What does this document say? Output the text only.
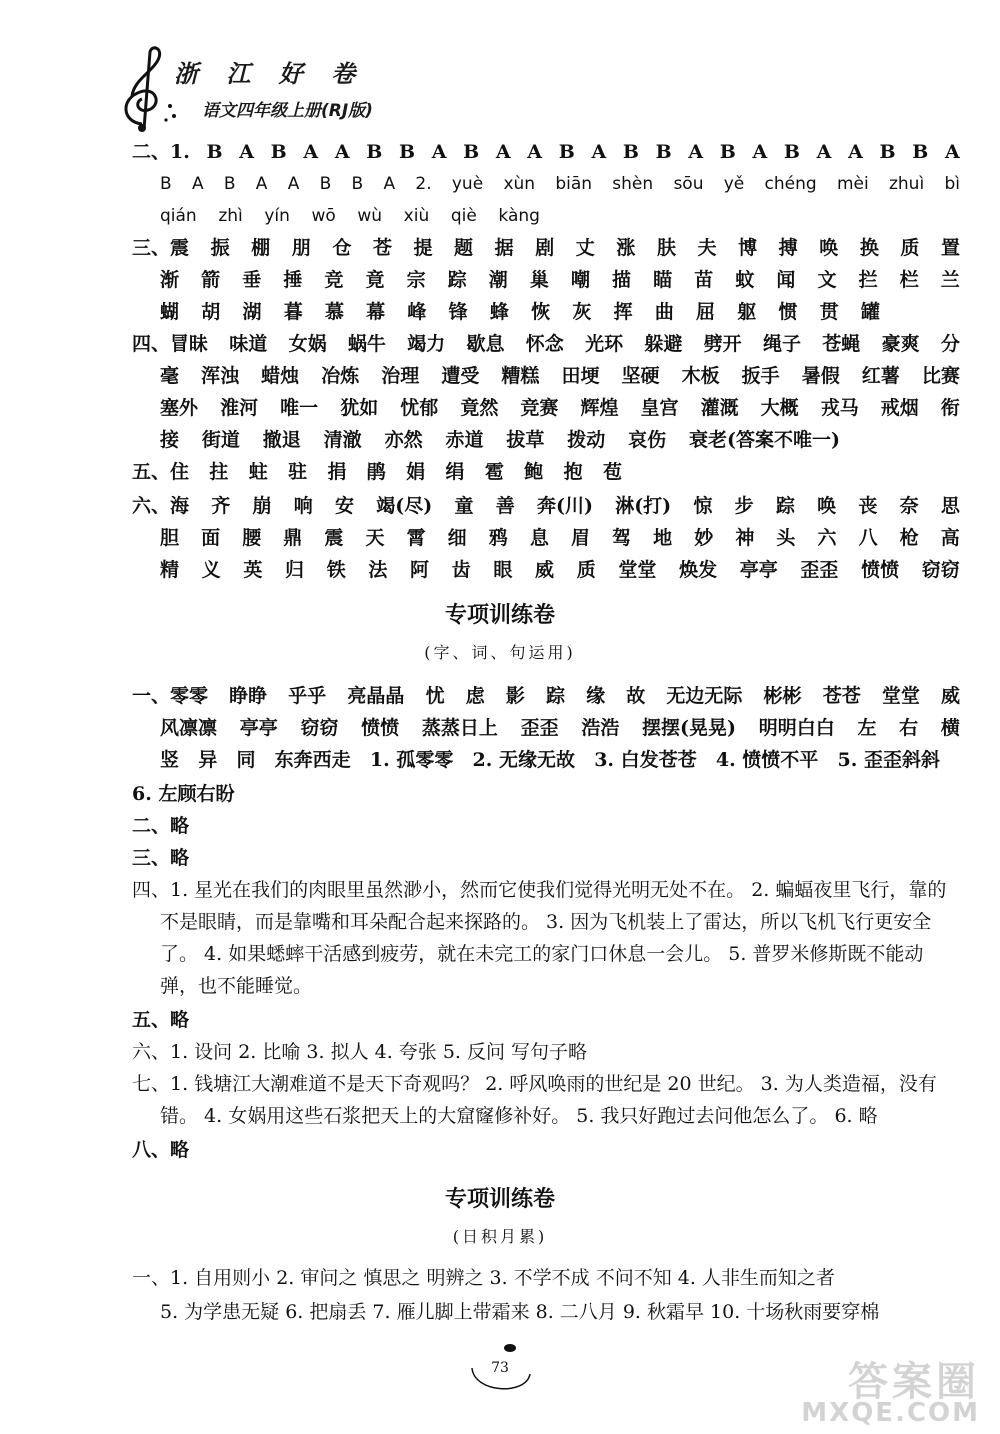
浙 江 好 卷
语文四年级上册(RJ版)
二、1. B A B A A B B A B A A B A B B A B A B A A B B A
B A B A A B B A 2. yuè xùn biān shèn sōu yě chéng mèi zhuì bì
qián zhì yín wō wù xiù qiè kàng
三、震 振 棚 朋 仓 苍 提 题 据 剧 丈 涨 肤 夫 博 搏 唤 换 质 置
渐 箭 垂 捶 竞 竟 宗 踪 潮 巢 嘲 描 瞄 苗 蚊 闻 文 拦 栏 兰
蝴 胡 湖 暮 慕 幕 峰 锋 蜂 恢 灰 挥 曲 屈 躯 惯 贯 罐
四、冒昧 味道 女娲 蜗牛 竭力 歇息 怀念 光环 躲避 劈开 绳子 苍蝇 豪爽 分
毫 浑浊 蜡烛 冶炼 治理 遭受 糟糕 田埂 坚硬 木板 扳手 暑假 红薯 比赛
塞外 淮河 唯一 犹如 忧郁 竟然 竞赛 辉煌 皇宫 灌溉 大概 戎马 戒烟 衔
接 街道 撤退 清澈 亦然 赤道 拔草 拨动 哀伤 衰老(答案不唯一)
五、住 拄 蛀 驻 捐 鹃 娟 绢 雹 鲍 抱 苞
六、海 齐 崩 响 安 竭(尽) 童 善 奔(川) 淋(打) 惊 步 踪 唤 丧 奈 思
胆 面 腰 鼎 震 天 霄 细 鸦 息 眉 驾 地 妙 神 头 六 八 枪 高
精 义 英 归 铁 法 阿 齿 眼 威 质 堂堂 焕发 亭亭 歪歪 愤愤 窃窃
专项训练卷
(字、词、句运用)
一、零零 睁睁 乎乎 亮晶晶 忧 虑 影 踪 缘 故 无边无际 彬彬 苍苍 堂堂 威
风凛凛 亭亭 窃窃 愤愤 蒸蒸日上 歪歪 浩浩 摆摆(晃晃) 明明白白 左 右 横
竖 异 同 东奔西走 1. 孤零零 2. 无缘无故 3. 白发苍苍 4. 愤愤不平 5. 歪歪斜斜
6. 左顾右盼
二、略
三、略
四、1. 星光在我们的肉眼里虽然渺小，然而它使我们觉得光明无处不在。 2. 蝙蝠夜里飞行，靠的
不是眼睛，而是靠嘴和耳朵配合起来探路的。 3. 因为飞机装上了雷达，所以飞机飞行更安全
了。 4. 如果蟋蟀干活感到疲劳，就在未完工的家门口休息一会儿。 5. 普罗米修斯既不能动
弹，也不能睡觉。
五、略
六、1. 设问 2. 比喻 3. 拟人 4. 夸张 5. 反问 写句子略
七、1. 钱塘江大潮难道不是天下奇观吗？ 2. 呼风唤雨的世纪是 20 世纪。 3. 为人类造福，没有
错。 4. 女娲用这些石浆把天上的大窟窿修补好。 5. 我只好跑过去问他怎么了。 6. 略
八、略
专项训练卷
(日积月累)
一、1. 自用则小 2. 审问之 慎思之 明辨之 3. 不学不成 不问不知 4. 人非生而知之者
5. 为学患无疑 6. 把扇丢 7. 雁儿脚上带霜来 8. 二八月 9. 秋霜早 10. 十场秋雨要穿棉
73	答案圈
MXQE.COM
